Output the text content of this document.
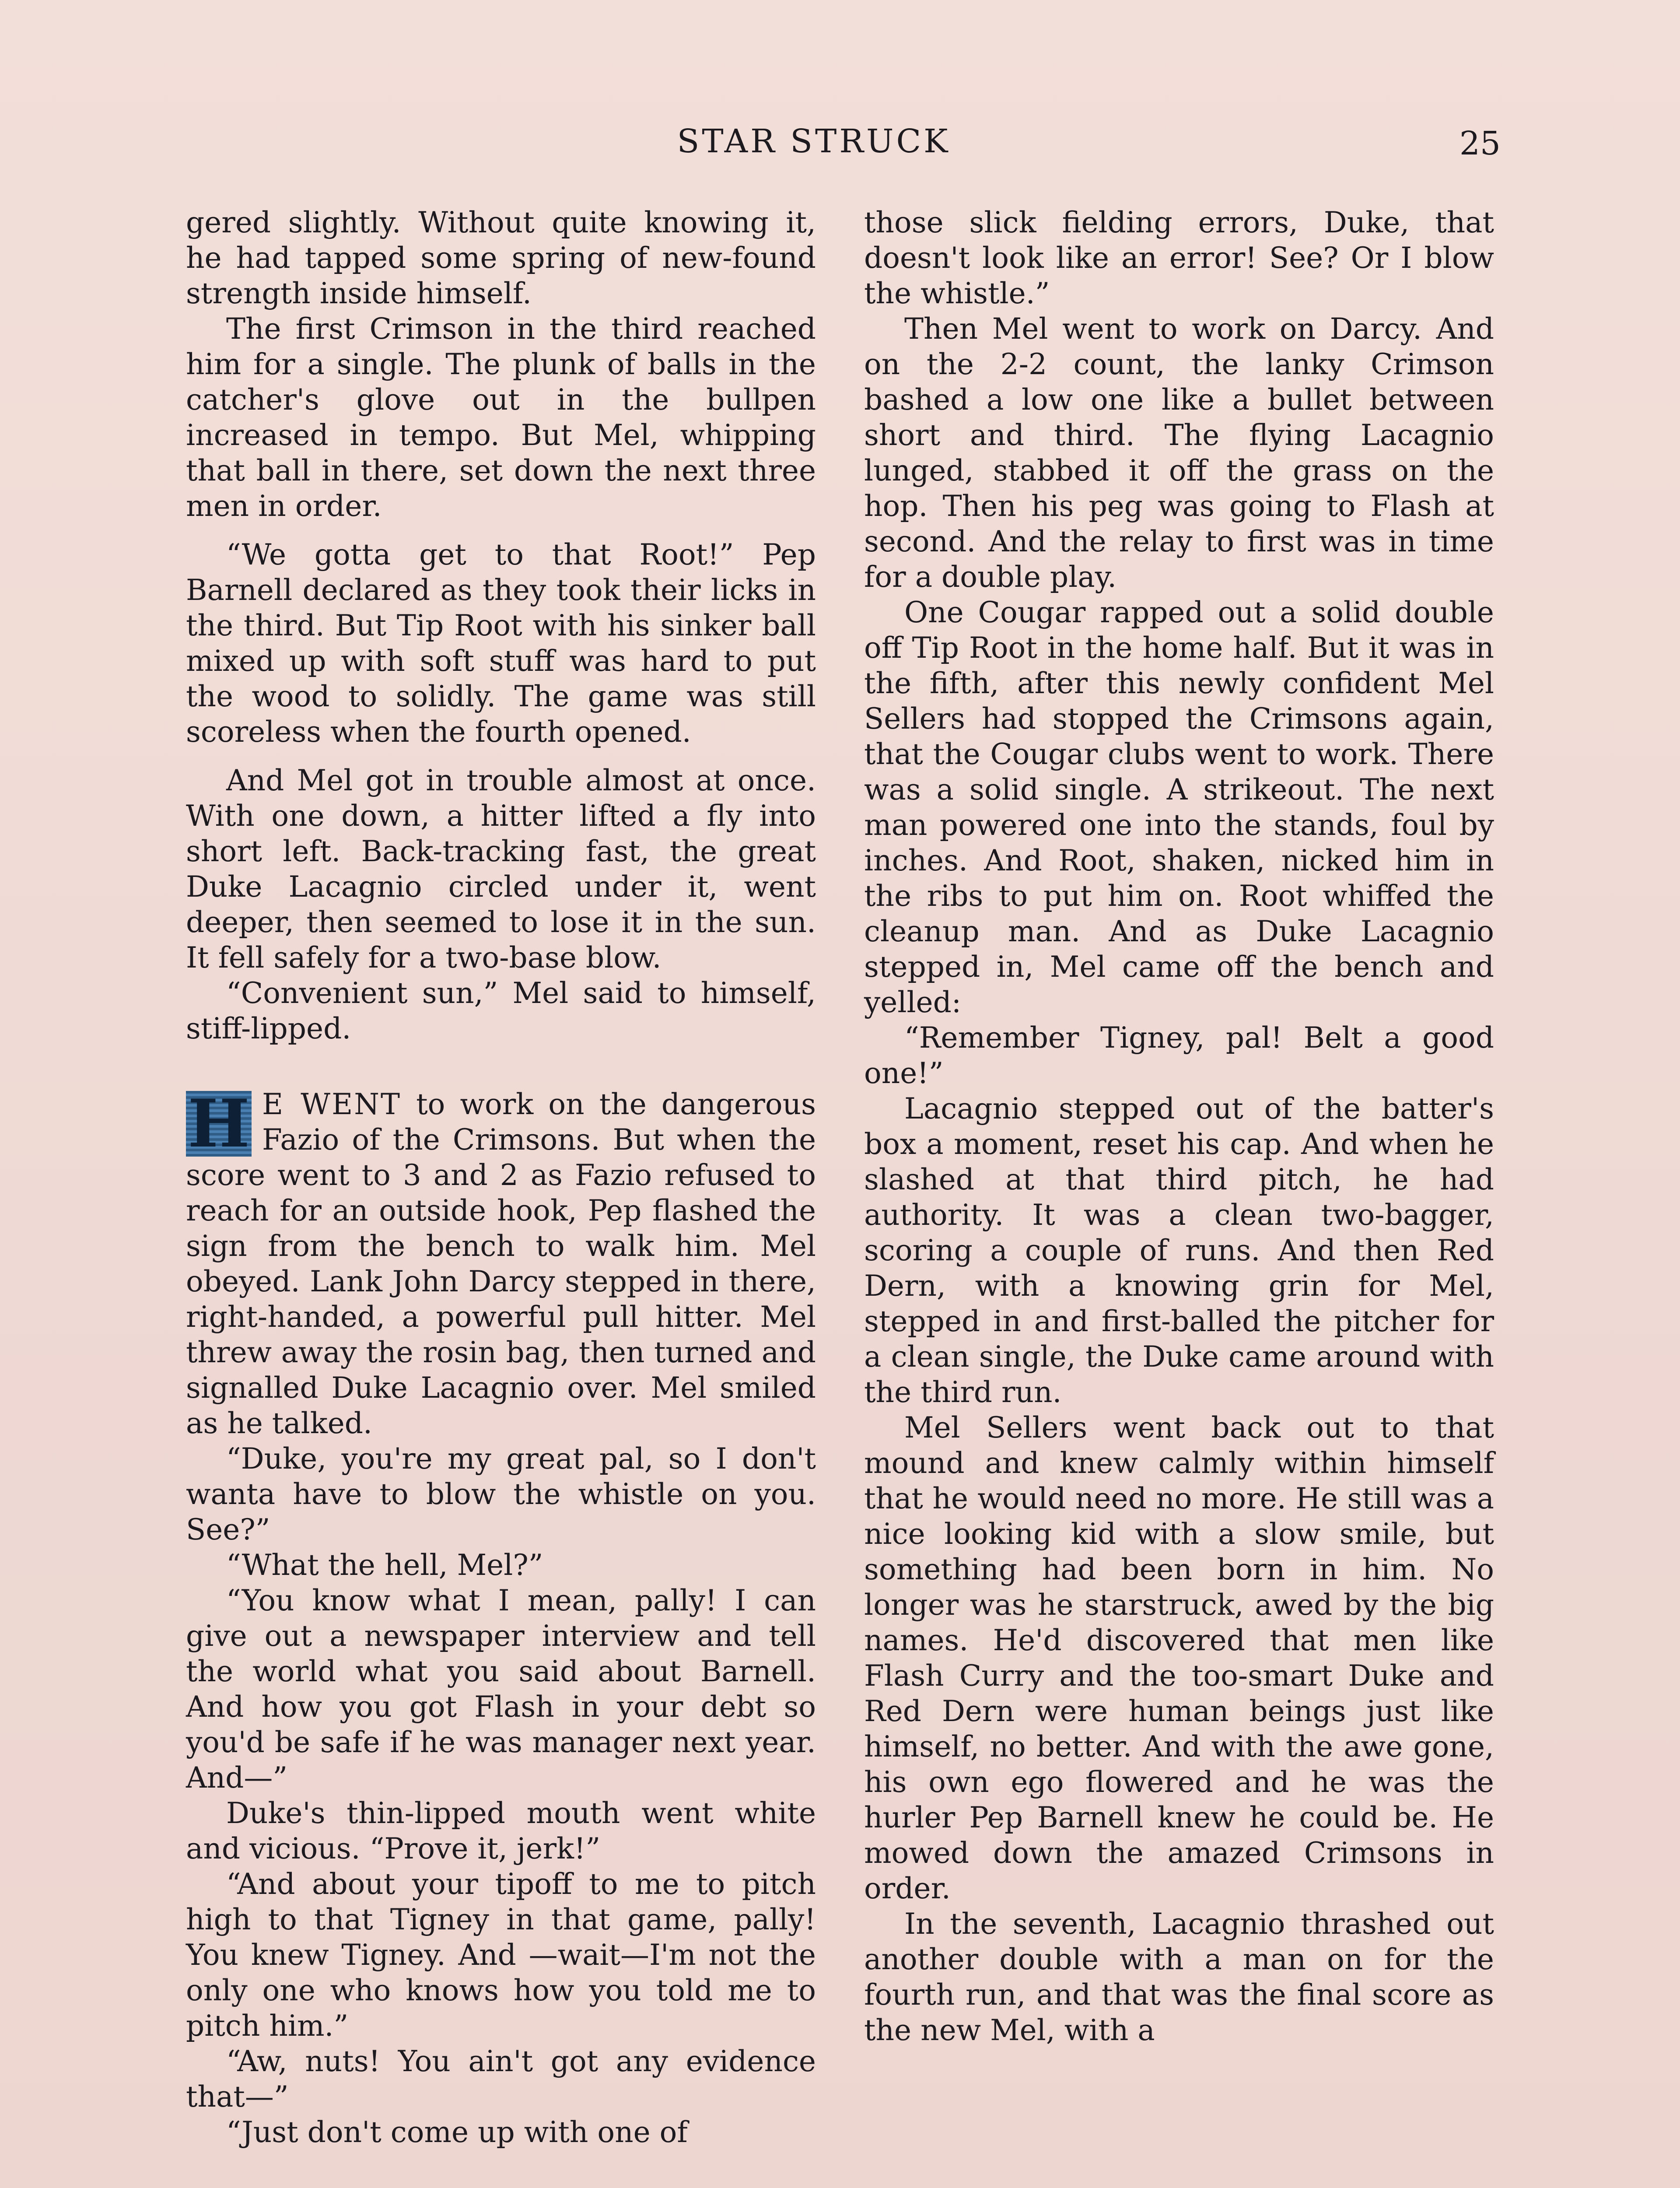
STAR STRUCK	25

gered slightly. Without quite knowing it, he had tapped some spring of new-found strength inside himself.

The first Crimson in the third reached him for a single. The plunk of balls in the catcher's glove out in the bullpen increased in tempo. But Mel, whipping that ball in there, set down the next three men in order.

“We gotta get to that Root!” Pep Barnell declared as they took their licks in the third. But Tip Root with his sinker ball mixed up with soft stuff was hard to put the wood to solidly. The game was still scoreless when the fourth opened.

And Mel got in trouble almost at once. With one down, a hitter lifted a fly into short left. Back-tracking fast, the great Duke Lacagnio circled under it, went deeper, then seemed to lose it in the sun. It fell safely for a two-base blow.

“Convenient sun,” Mel said to himself, stiff-lipped.

H E WENT to work on the dangerous Fazio of the Crimsons. But when the score went to 3 and 2 as Fazio refused to reach for an outside hook, Pep flashed the sign from the bench to walk him. Mel obeyed. Lank John Darcy stepped in there, right-handed, a powerful pull hitter. Mel threw away the rosin bag, then turned and signalled Duke Lacagnio over. Mel smiled as he talked.

“Duke, you're my great pal, so I don't wanta have to blow the whistle on you. See?”

“What the hell, Mel?”

“You know what I mean, pally! I can give out a newspaper interview and tell the world what you said about Barnell. And how you got Flash in your debt so you'd be safe if he was manager next year. And—”

Duke's thin-lipped mouth went white and vicious. “Prove it, jerk!”

“And about your tipoff to me to pitch high to that Tigney in that game, pally! You knew Tigney. And —wait—I'm not the only one who knows how you told me to pitch him.”

“Aw, nuts! You ain't got any evidence that—”

“Just don't come up with one of

those slick fielding errors, Duke, that doesn't look like an error! See? Or I blow the whistle.”

Then Mel went to work on Darcy. And on the 2-2 count, the lanky Crimson bashed a low one like a bullet between short and third. The flying Lacagnio lunged, stabbed it off the grass on the hop. Then his peg was going to Flash at second. And the relay to first was in time for a double play.

One Cougar rapped out a solid double off Tip Root in the home half. But it was in the fifth, after this newly confident Mel Sellers had stopped the Crimsons again, that the Cougar clubs went to work. There was a solid single. A strikeout. The next man powered one into the stands, foul by inches. And Root, shaken, nicked him in the ribs to put him on. Root whiffed the cleanup man. And as Duke Lacagnio stepped in, Mel came off the bench and yelled:

“Remember Tigney, pal! Belt a good one!”

Lacagnio stepped out of the batter's box a moment, reset his cap. And when he slashed at that third pitch, he had authority. It was a clean two-bagger, scoring a couple of runs. And then Red Dern, with a knowing grin for Mel, stepped in and first-balled the pitcher for a clean single, the Duke came around with the third run.

Mel Sellers went back out to that mound and knew calmly within himself that he would need no more. He still was a nice looking kid with a slow smile, but something had been born in him. No longer was he starstruck, awed by the big names. He'd discovered that men like Flash Curry and the too-smart Duke and Red Dern were human beings just like himself, no better. And with the awe gone, his own ego flowered and he was the hurler Pep Barnell knew he could be. He mowed down the amazed Crimsons in order.

In the seventh, Lacagnio thrashed out another double with a man on for the fourth run, and that was the final score as the new Mel, with a
